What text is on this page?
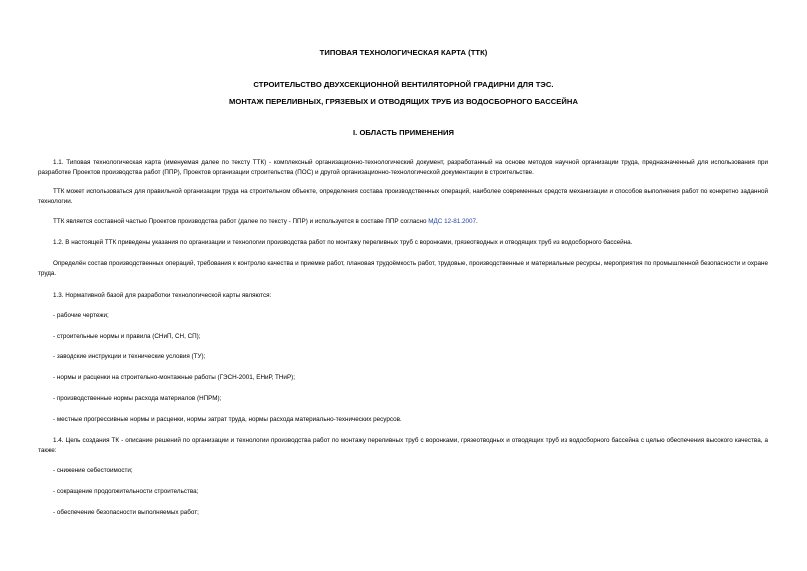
ТИПОВАЯ ТЕХНОЛОГИЧЕСКАЯ КАРТА (ТТК)
СТРОИТЕЛЬСТВО ДВУХСЕКЦИОННОЙ ВЕНТИЛЯТОРНОЙ ГРАДИРНИ ДЛЯ ТЭС.
МОНТАЖ ПЕРЕЛИВНЫХ, ГРЯЗЕВЫХ И ОТВОДЯЩИХ ТРУБ ИЗ ВОДОСБОРНОГО БАССЕЙНА
I. ОБЛАСТЬ ПРИМЕНЕНИЯ
1.1. Типовая технологическая карта (именуемая далее по тексту ТТК) - комплексный организационно-технологический документ, разработанный на основе методов научной организации труда, предназначенный для использования при разработке Проектов производства работ (ППР), Проектов организации строительства (ПОС) и другой организационно-технологической документации в строительстве.
ТТК может использоваться для правильной организации труда на строительном объекте, определения состава производственных операций, наиболее современных средств механизации и способов выполнения работ по конкретно заданной технологии.
ТТК является составной частью Проектов производства работ (далее по тексту - ППР) и используется в составе ППР согласно МДС 12-81.2007.
1.2. В настоящей ТТК приведены указания по организации и технологии производства работ по монтажу переливных труб с воронками, грязеотводных и отводящих труб из водосборного бассейна.
Определён состав производственных операций, требования к контролю качества и приемке работ, плановая трудоёмкость работ, трудовые, производственные и материальные ресурсы, мероприятия по промышленной безопасности и охране труда.
1.3. Нормативной базой для разработки технологической карты являются:
- рабочие чертежи;
- строительные нормы и правила (СНиП, СН, СП);
- заводские инструкции и технические условия (ТУ);
- нормы и расценки на строительно-монтажные работы (ГЭСН-2001, ЕНиР, ТНиР);
- производственные нормы расхода материалов (НПРМ);
- местные прогрессивные нормы и расценки, нормы затрат труда, нормы расхода материально-технических ресурсов.
1.4. Цель создания ТК - описание решений по организации и технологии производства работ по монтажу переливных труб с воронками, грязеотводных и отводящих труб из водосборного бассейна с целью обеспечения высокого качества, а также:
- снижение себестоимости;
- сокращение продолжительности строительства;
- обеспечение безопасности выполняемых работ;
